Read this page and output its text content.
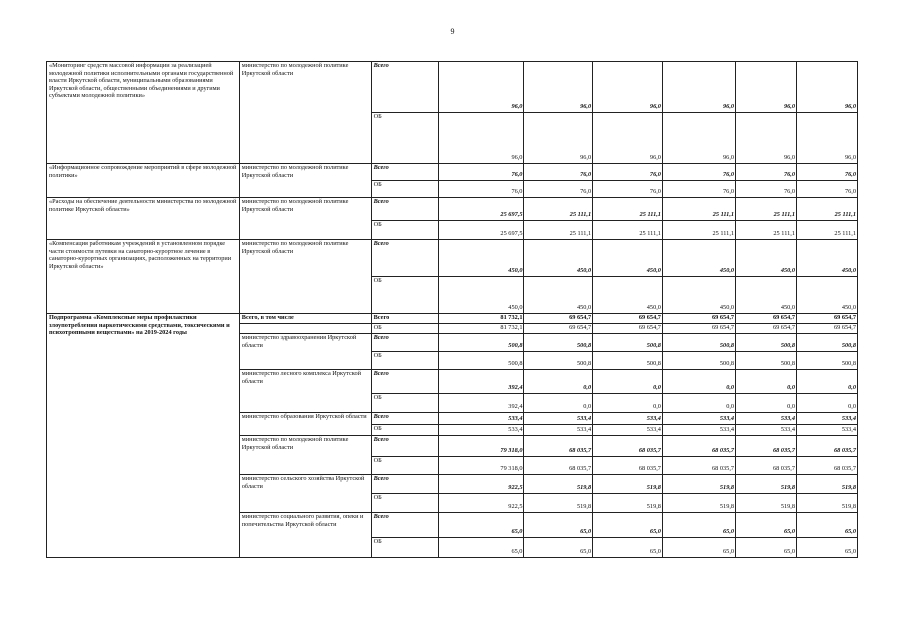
9
«Мониторинг средств массовой информации за реализацией молодежной политики исполнительными органами государственной власти Иркутской области, муниципальными образованиями Иркутской области, общественными объединениями и другими субъектами молодежной политики»	министерство по молодежной политике Иркутской области	Всего	96,0	96,0	96,0	96,0	96,0	96,0
		ОБ	96,0	96,0	96,0	96,0	96,0	96,0
«Информационное сопровождение мероприятий в сфере молодежной политики»	министерство по молодежной политике Иркутской области	Всего	76,0	76,0	76,0	76,0	76,0	76,0
		ОБ	76,0	76,0	76,0	76,0	76,0	76,0
«Расходы на обеспечение деятельности министерства по молодежной политике Иркутской области»	министерство по молодежной политике Иркутской области	Всего	25 697,5	25 111,1	25 111,1	25 111,1	25 111,1	25 111,1
		ОБ	25 697,5	25 111,1	25 111,1	25 111,1	25 111,1	25 111,1
«Компенсация работникам учреждений в установленном порядке части стоимости путевки на санаторно-курортное лечение в санаторно-курортных организациях, расположенных на территории Иркутской области»	министерство по молодежной политике Иркутской области	Всего	450,0	450,0	450,0	450,0	450,0	450,0
		ОБ	450,0	450,0	450,0	450,0	450,0	450,0
Подпрограмма «Комплексные меры профилактики злоупотребления наркотическими средствами, токсическими и психотропными веществами» на 2019-2024 годы	Всего, в том числе	Всего	81 732,1	69 654,7	69 654,7	69 654,7	69 654,7	69 654,7
		ОБ	81 732,1	69 654,7	69 654,7	69 654,7	69 654,7	69 654,7
	министерство здравоохранения Иркутской области	Всего	500,8	500,8	500,8	500,8	500,8	500,8
		ОБ	500,8	500,8	500,8	500,8	500,8	500,8
	министерство лесного комплекса Иркутской области	Всего	392,4	0,0	0,0	0,0	0,0	0,0
		ОБ	392,4	0,0	0,0	0,0	0,0	0,0
	министерство образования Иркутской области	Всего	533,4	533,4	533,4	533,4	533,4	533,4
		ОБ	533,4	533,4	533,4	533,4	533,4	533,4
	министерство по молодежной политике Иркутской области	Всего	79 318,0	68 035,7	68 035,7	68 035,7	68 035,7	68 035,7
		ОБ	79 318,0	68 035,7	68 035,7	68 035,7	68 035,7	68 035,7
	министерство сельского хозяйства Иркутской области	Всего	922,5	519,8	519,8	519,8	519,8	519,8
		ОБ	922,5	519,8	519,8	519,8	519,8	519,8
	министерство социального развития, опеки и попечительства Иркутской области	Всего	65,0	65,0	65,0	65,0	65,0	65,0
		ОБ	65,0	65,0	65,0	65,0	65,0	65,0
